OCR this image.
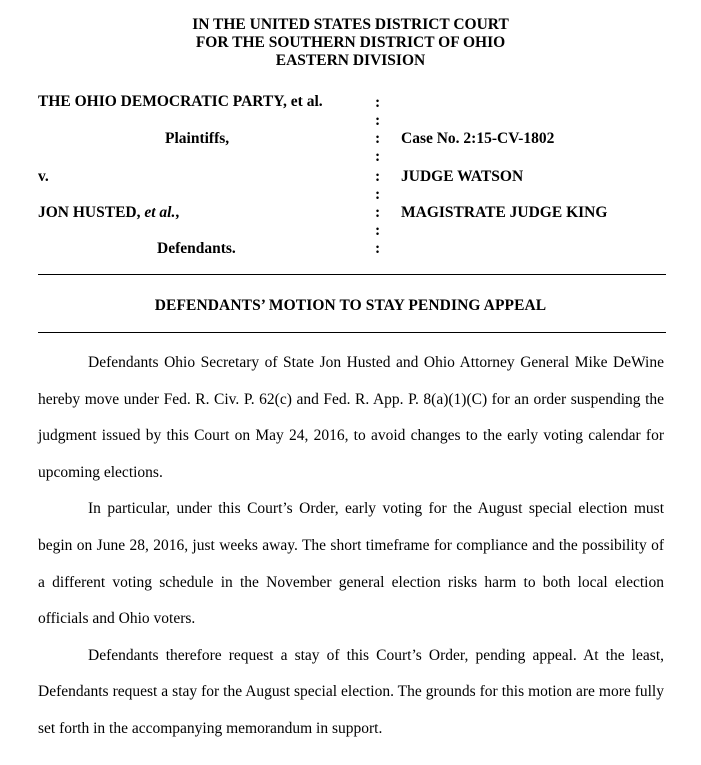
IN THE UNITED STATES DISTRICT COURT
FOR THE SOUTHERN DISTRICT OF OHIO
EASTERN DIVISION
THE OHIO DEMOCRATIC PARTY, et al.
Plaintiffs,
v.
JON HUSTED, et al.,
Defendants.
:
:
:
:
:
:
:
:
:
Case No. 2:15-CV-1802
JUDGE WATSON
MAGISTRATE JUDGE KING
DEFENDANTS’ MOTION TO STAY PENDING APPEAL

Defendants Ohio Secretary of State Jon Husted and Ohio Attorney General Mike DeWine hereby move under Fed. R. Civ. P. 62(c) and Fed. R. App. P. 8(a)(1)(C) for an order suspending the judgment issued by this Court on May 24, 2016, to avoid changes to the early voting calendar for upcoming elections.

In particular, under this Court’s Order, early voting for the August special election must begin on June 28, 2016, just weeks away. The short timeframe for compliance and the possibility of a different voting schedule in the November general election risks harm to both local election officials and Ohio voters.

Defendants therefore request a stay of this Court’s Order, pending appeal. At the least, Defendants request a stay for the August special election. The grounds for this motion are more fully set forth in the accompanying memorandum in support.
